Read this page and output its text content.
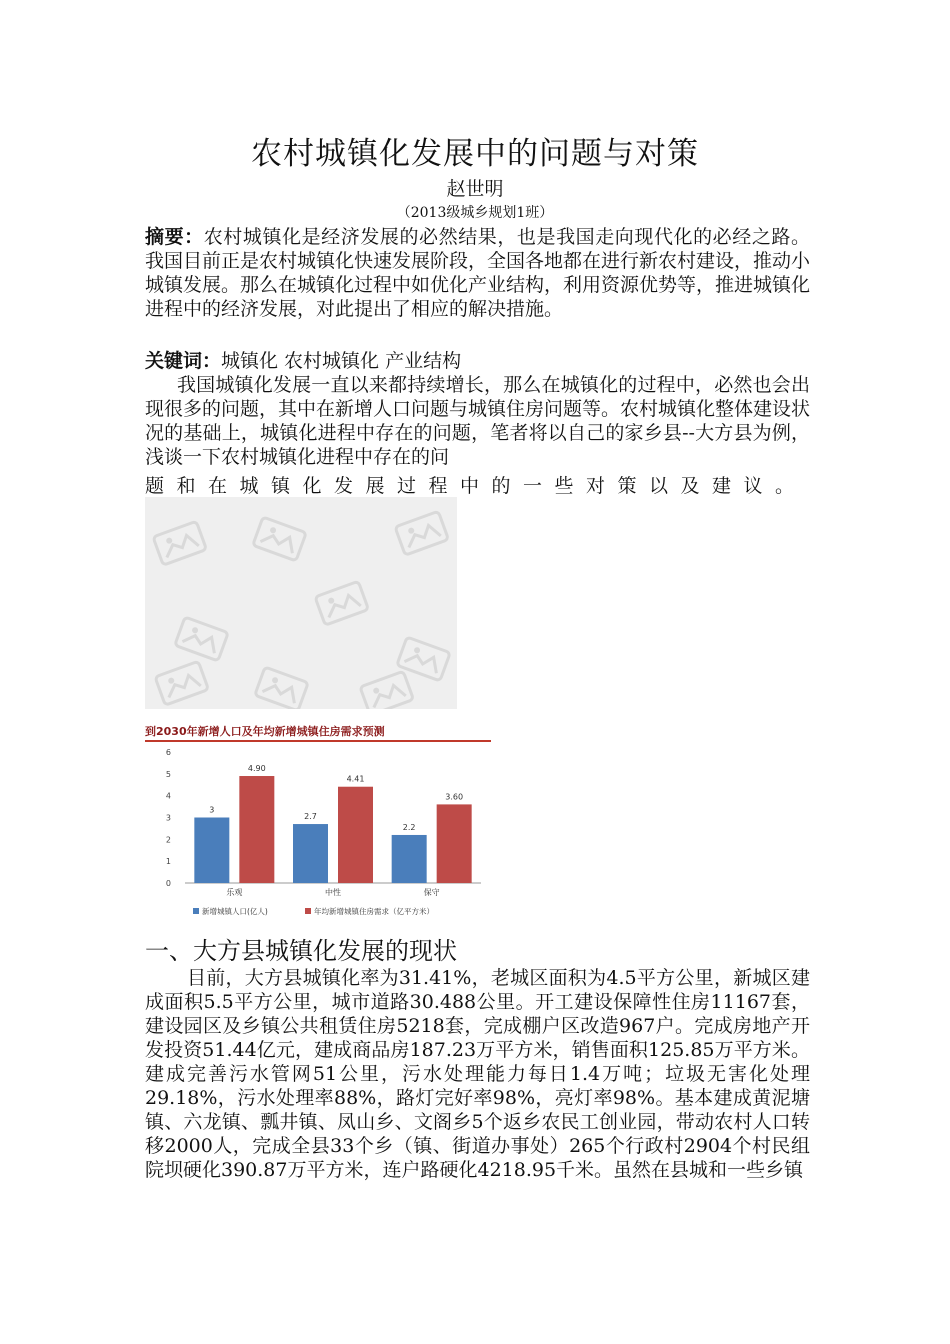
农村城镇化发展中的问题与对策
赵世明
（2013级城乡规划1班）

摘要：农村城镇化是经济发展的必然结果，也是我国走向现代化的必经之路。我国目前正是农村城镇化快速发展阶段，全国各地都在进行新农村建设，推动小城镇发展。那么在城镇化过程中如优化产业结构，利用资源优势等，推进城镇化进程中的经济发展，对此提出了相应的解决措施。

关键词：城镇化 农村城镇化 产业结构

我国城镇化发展一直以来都持续增长，那么在城镇化的过程中，必然也会出现很多的问题，其中在新增人口问题与城镇住房问题等。农村城镇化整体建设状况的基础上，城镇化进程中存在的问题，笔者将以自己的家乡县--大方县为例，浅谈一下农村城镇化进程中存在的问

题和在城镇化发展过程中的一些对策以及建议。

到2030年新增人口及年均新增城镇住房需求预测
0
1
2
3
4
5
6
3
4.90
乐观
2.7
4.41
中性
2.2
3.60
保守
新增城镇人口(亿人)	年均新增城镇住房需求（亿平方米）
一、大方县城镇化发展的现状

目前，大方县城镇化率为31.41%，老城区面积为4.5平方公里，新城区建成面积5.5平方公里，城市道路30.488公里。开工建设保障性住房11167套，建设园区及乡镇公共租赁住房5218套，完成棚户区改造967户。完成房地产开发投资51.44亿元，建成商品房187.23万平方米，销售面积125.85万平方米。建成完善污水管网51公里，污水处理能力每日1.4万吨；垃圾无害化处理29.18%，污水处理率88%，路灯完好率98%，亮灯率98%。基本建成黄泥塘镇、六龙镇、瓢井镇、凤山乡、文阁乡5个返乡农民工创业园，带动农村人口转移2000人，完成全县33个乡（镇、街道办事处）265个行政村2904个村民组院坝硬化390.87万平方米，连户路硬化4218.95千米。虽然在县城和一些乡镇
